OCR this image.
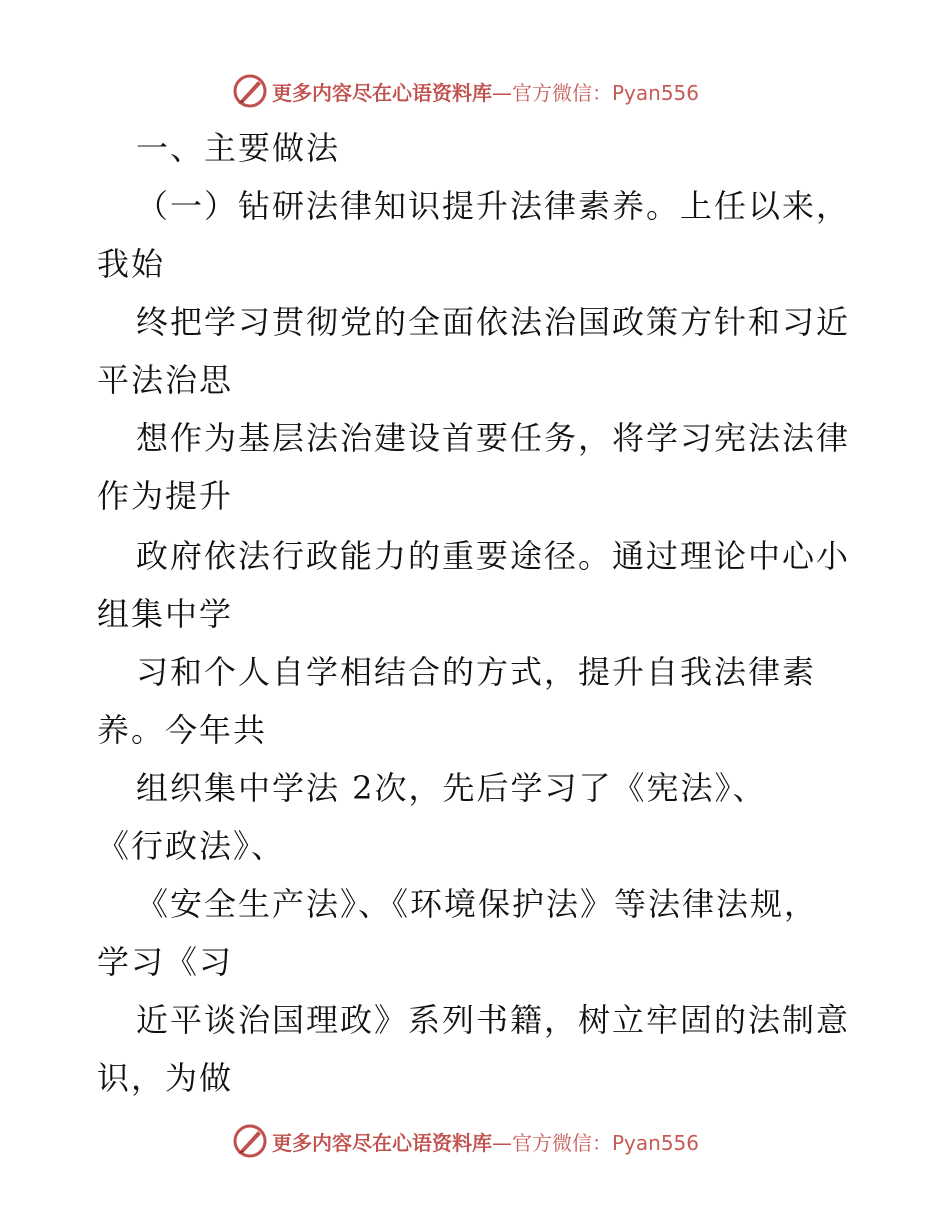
更多内容尽在心语资料库—官方微信：Pyan556
一、主要做法
（一）钻研法律知识提升法律素养。上任以来，
我始
终把学习贯彻党的全面依法治国政策方针和习近
平法治思
想作为基层法治建设首要任务，将学习宪法法律
作为提升
政府依法行政能力的重要途径。通过理论中心小
组集中学
习和个人自学相结合的方式，提升自我法律素
养。今年共
组织集中学法 2次，先后学习了《宪法》、
《行政法》、
《安全生产法》、《环境保护法》等法律法规，
学习《习
近平谈治国理政》系列书籍，树立牢固的法制意
识，为做
更多内容尽在心语资料库—官方微信：Pyan556
